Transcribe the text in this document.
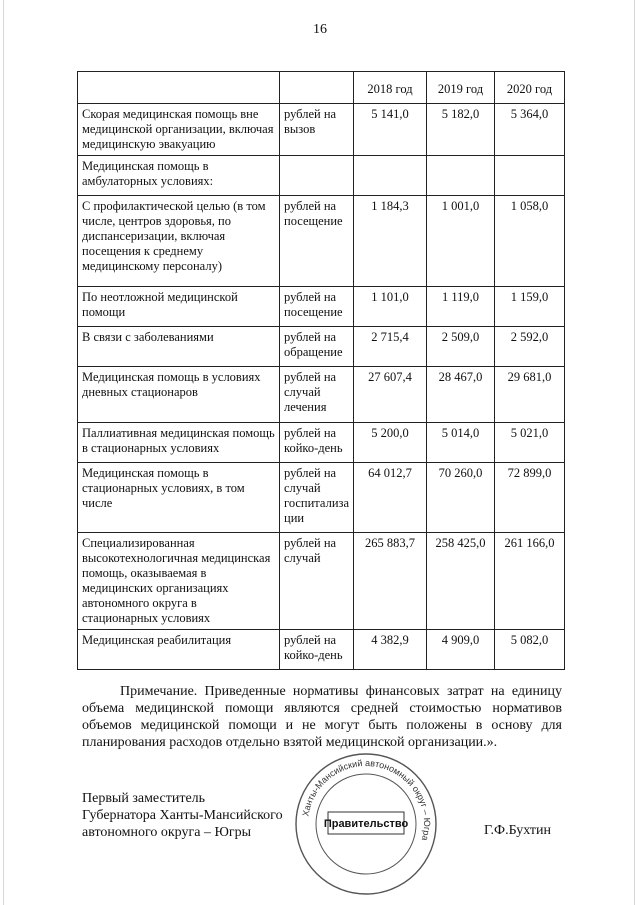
16
		2018 год	2019 год	2020 год
Скорая медицинская помощь вне медицинской организации, включая медицинскую эвакуацию	рублей на вызов	5 141,0	5 182,0	5 364,0
Медицинская помощь в амбулаторных условиях:				
С профилактической целью (в том числе, центров здоровья, по диспансеризации, включая посещения к среднему медицинскому персоналу)	рублей на посещение	1 184,3	1 001,0	1 058,0
По неотложной медицинской помощи	рублей на посещение	1 101,0	1 119,0	1 159,0
В связи с заболеваниями	рублей на обращение	2 715,4	2 509,0	2 592,0
Медицинская помощь в условиях дневных стационаров	рублей на случай лечения	27 607,4	28 467,0	29 681,0
Паллиативная медицинская помощь в стационарных условиях	рублей на койко-день	5 200,0	5 014,0	5 021,0
Медицинская помощь в стационарных условиях, в том числе	рублей на случай госпитализа ции	64 012,7	70 260,0	72 899,0
Специализированная высокотехнологичная медицинская помощь, оказываемая в медицинских организациях автономного округа в стационарных условиях	рублей на случай	265 883,7	258 425,0	261 166,0
Медицинская реабилитация	рублей на койко-день	4 382,9	4 909,0	5 082,0
Примечание. Приведенные нормативы финансовых затрат на единицу объема медицинской помощи являются средней стоимостью нормативов объемов медицинской помощи и не могут быть положены в основу для планирования расходов отдельно взятой медицинской организации.».
Первый заместитель
Губернатора Ханты-Мансийского
автономного округа – Югры
Ханты-Мансийский автономный округ – Югра
Правительство	Г.Ф.Бухтин
